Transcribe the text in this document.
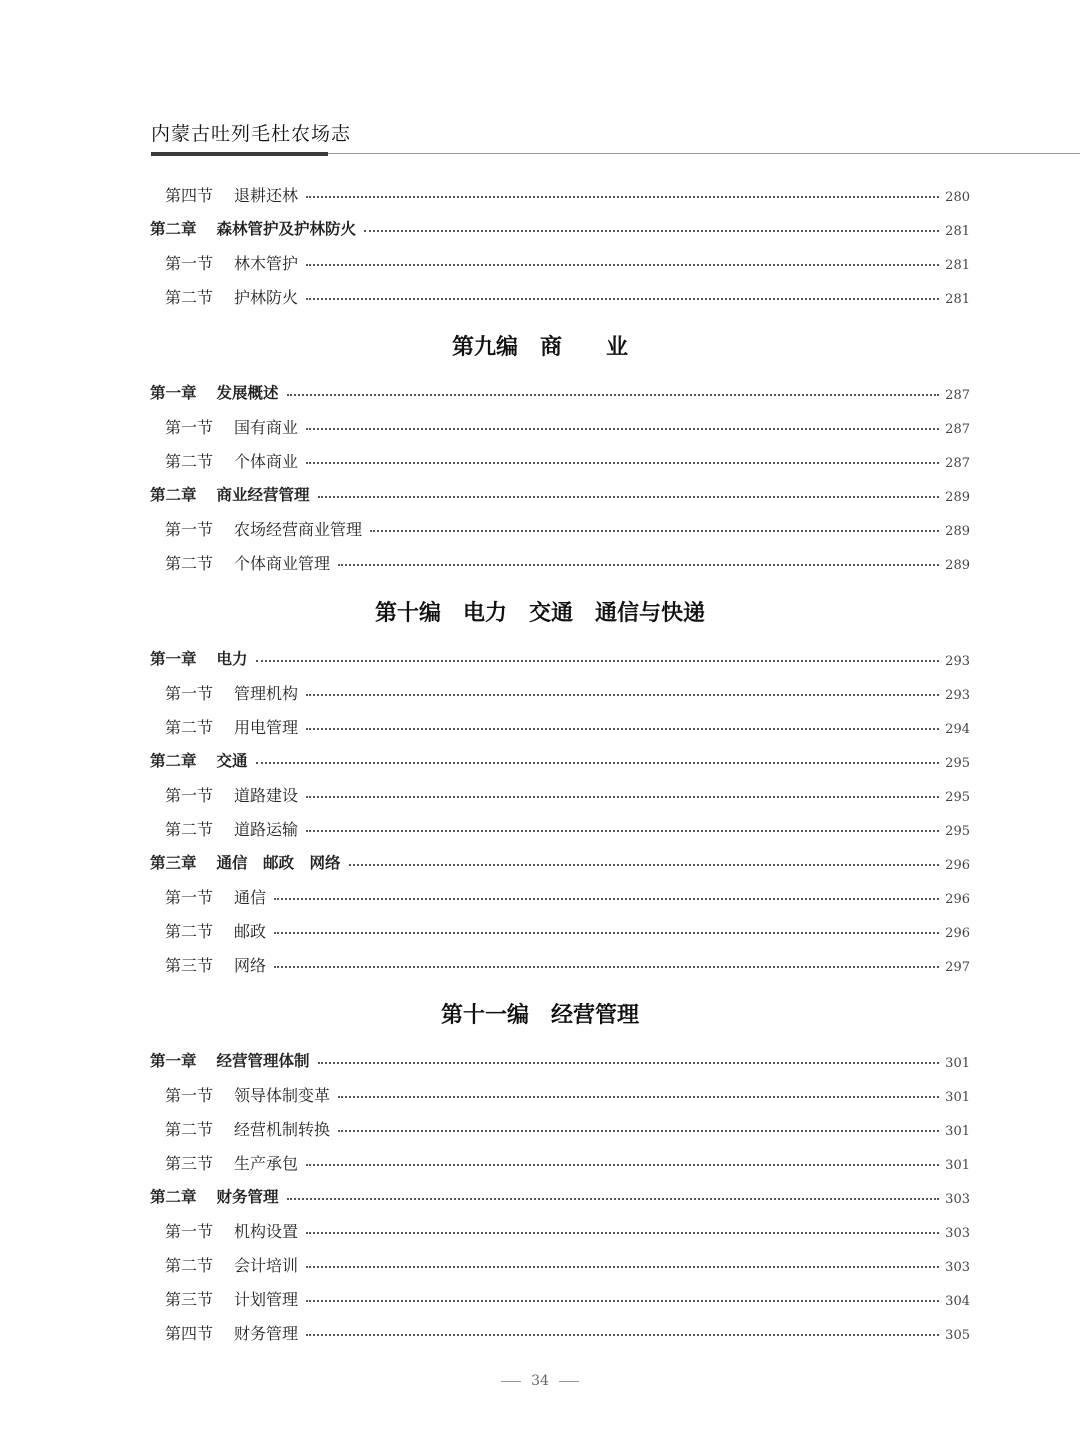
内蒙古吐列毛杜农场志
第四节 退耕还林	280
第二章 森林管护及护林防火	281
第一节 林木管护	281
第二节 护林防火	281
第九编　商　　业
第一章 发展概述	287
第一节 国有商业	287
第二节 个体商业	287
第二章 商业经营管理	289
第一节 农场经营商业管理	289
第二节 个体商业管理	289
第十编　电力　交通　通信与快递
第一章 电力	293
第一节 管理机构	293
第二节 用电管理	294
第二章 交通	295
第一节 道路建设	295
第二节 道路运输	295
第三章 通信　邮政　网络	296
第一节 通信	296
第二节 邮政	296
第三节 网络	297
第十一编　经营管理
第一章 经营管理体制	301
第一节 领导体制变革	301
第二节 经营机制转换	301
第三节 生产承包	301
第二章 财务管理	303
第一节 机构设置	303
第二节 会计培训	303
第三节 计划管理	304
第四节 财务管理	305
34
